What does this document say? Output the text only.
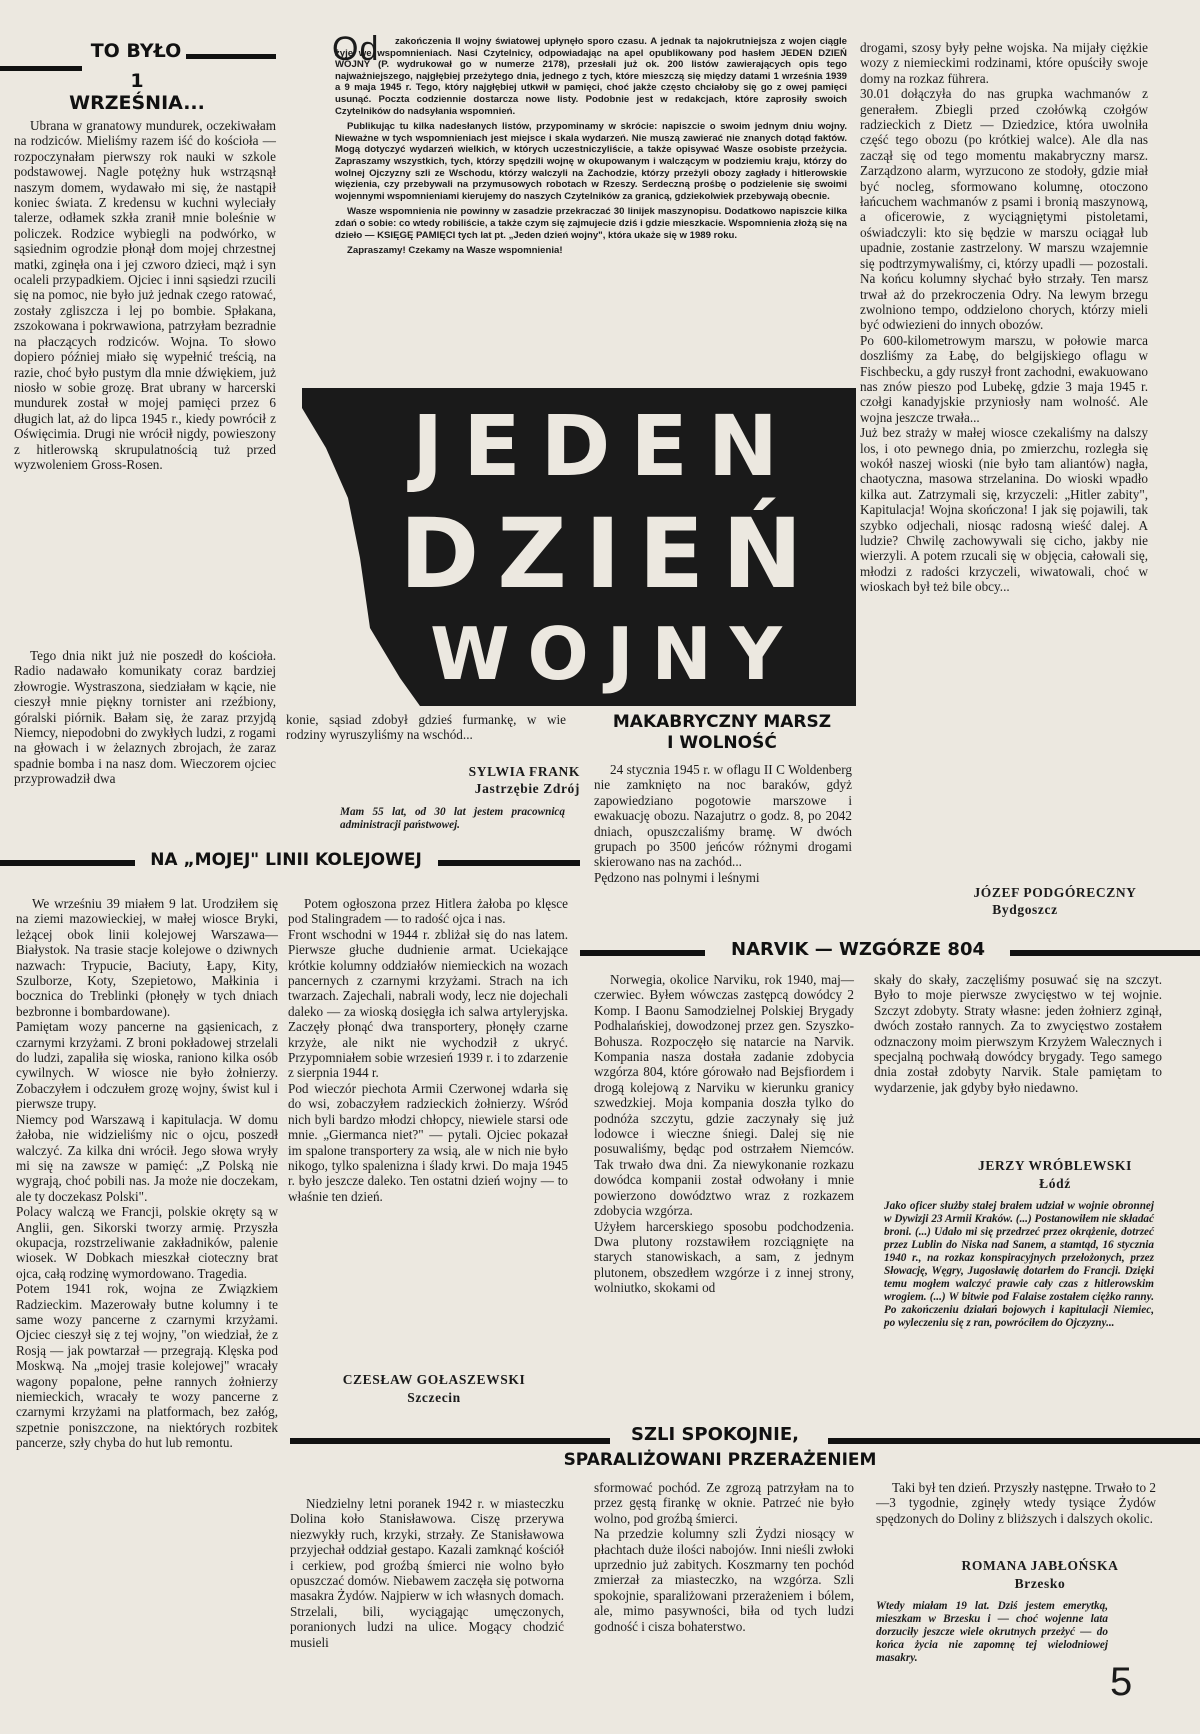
TO BYŁO
1 WRZEŚNIA...

Ubrana w granatowy mundurek, oczekiwałam na rodziców. Mieliśmy razem iść do kościoła — rozpoczynałam pierwszy rok nauki w szkole podstawowej. Nagle potężny huk wstrząsnął naszym domem, wydawało mi się, że nastąpił koniec świata. Z kredensu w kuchni wyleciały talerze, odłamek szkła zranił mnie boleśnie w policzek. Rodzice wybiegli na podwórko, w sąsiednim ogrodzie płonął dom mojej chrzestnej matki, zginęła ona i jej czworo dzieci, mąż i syn ocaleli przypadkiem. Ojciec i inni sąsiedzi rzucili się na pomoc, nie było już jednak czego ratować, zostały zgliszcza i lej po bombie. Spłakana, zszokowana i pokrwawiona, patrzyłam bezradnie na płaczących rodziców. Wojna. To słowo dopiero później miało się wypełnić treścią, na razie, choć było pustym dla mnie dźwiękiem, już niosło w sobie grozę. Brat ubrany w harcerski mundurek został w mojej pamięci przez 6 długich lat, aż do lipca 1945 r., kiedy powrócił z Oświęcimia. Drugi nie wrócił nigdy, powieszony z hitlerowską skrupulatnością tuż przed wyzwoleniem Gross-Rosen.

Tego dnia nikt już nie poszedł do kościoła. Radio nadawało komunikaty coraz bardziej złowrogie. Wystraszona, siedziałam w kącie, nie cieszył mnie piękny tornister ani rzeźbiony, góralski piórnik. Bałam się, że zaraz przyjdą Niemcy, niepodobni do zwykłych ludzi, z rogami na głowach i w żelaznych zbrojach, że zaraz spadnie bomba i na nasz dom. Wieczorem ojciec przyprowadził dwa

konie, sąsiad zdobył gdzieś furmankę, w wie rodziny wyruszyliśmy na wschód...

SYLWIA FRANK
Jastrzębie Zdrój
Mam 55 lat, od 30 lat jestem pracownicą administracji państwowej.
Od	zakończenia II wojny światowej upłynęło sporo czasu. A jednak ta najokrutniejsza z wojen ciągle żyje we wspomnieniach. Nasi Czytelnicy, odpowiadając na apel opublikowany pod hasłem JEDEN DZIEŃ WOJNY (P. wydrukował go w numerze 2178), przesłali już ok. 200 listów zawierających opis tego najważniejszego, najgłębiej przeżytego dnia, jednego z tych, które mieszczą się między datami 1 września 1939 a 9 maja 1945 r. Tego, który najgłębiej utkwił w pamięci, choć jakże często chciałoby się go z owej pamięci usunąć. Poczta codziennie dostarcza nowe listy. Podobnie jest w redakcjach, które zaprosiły swoich Czytelników do nadsyłania wspomnień.

Publikując tu kilka nadesłanych listów, przypominamy w skrócie: napiszcie o swoim jednym dniu wojny. Nieważne w tych wspomnieniach jest miejsce i skala wydarzeń. Nie muszą zawierać nie znanych dotąd faktów. Mogą dotyczyć wydarzeń wielkich, w których uczestniczyliście, a także opisywać Wasze osobiste przeżycia. Zapraszamy wszystkich, tych, którzy spędzili wojnę w okupowanym i walczącym w podziemiu kraju, którzy do wolnej Ojczyzny szli ze Wschodu, którzy walczyli na Zachodzie, którzy przeżyli obozy zagłady i hitlerowskie więzienia, czy przebywali na przymusowych robotach w Rzeszy. Serdeczną prośbę o podzielenie się swoimi wojennymi wspomnieniami kierujemy do naszych Czytelników za granicą, gdziekolwiek przebywają obecnie.

Wasze wspomnienia nie powinny w zasadzie przekraczać 30 linijek maszynopisu. Dodatkowo napiszcie kilka zdań o sobie: co wtedy robiliście, a także czym się zajmujecie dziś i gdzie mieszkacie. Wspomnienia złożą się na dzieło — KSIĘGĘ PAMIĘCI tych lat pt. „Jeden dzień wojny", która ukaże się w 1989 roku.

Zapraszamy! Czekamy na Wasze wspomnienia!

JEDEN
DZIEŃ
WOJNY

drogami, szosy były pełne wojska. Na mijały ciężkie wozy z niemieckimi rodzinami, które opuściły swoje domy na rozkaz führera.
30.01 dołączyła do nas grupka wachmanów z generałem. Zbiegli przed czołówką czołgów radzieckich z Dietz — Dziedzice, która uwolniła część tego obozu (po krótkiej walce). Ale dla nas zaczął się od tego momentu makabryczny marsz. Zarządzono alarm, wyrzucono ze stodoły, gdzie miał być nocleg, sformowano kolumnę, otoczono łańcuchem wachmanów z psami i bronią maszynową, a oficerowie, z wyciągniętymi pistoletami, oświadczyli: kto się będzie w marszu ociągał lub upadnie, zostanie zastrzelony. W marszu wzajemnie się podtrzymywaliśmy, ci, którzy upadli — pozostali. Na końcu kolumny słychać było strzały. Ten marsz trwał aż do przekroczenia Odry. Na lewym brzegu zwolniono tempo, oddzielono chorych, którzy mieli być odwiezieni do innych obozów.
Po 600-kilometrowym marszu, w połowie marca doszliśmy za Łabę, do belgijskiego oflagu w Fischbecku, a gdy ruszył front zachodni, ewakuowano nas znów pieszo pod Lubekę, gdzie 3 maja 1945 r. czołgi kanadyjskie przyniosły nam wolność. Ale wojna jeszcze trwała...
Już bez straży w małej wiosce czekaliśmy na dalszy los, i oto pewnego dnia, po zmierzchu, rozległa się wokół naszej wioski (nie było tam aliantów) nagła, chaotyczna, masowa strzelanina. Do wioski wpadło kilka aut. Zatrzymali się, krzyczeli: „Hitler zabity", Kapitulacja! Wojna skończona! I jak się pojawili, tak szybko odjechali, niosąc radosną wieść dalej. A ludzie? Chwilę zachowywali się cicho, jakby nie wierzyli. A potem rzucali się w objęcia, całowali się, młodzi z radości krzyczeli, wiwatowali, choć w wioskach był też bile obcy...

JÓZEF PODGÓRECZNY
Bydgoszcz
MAKABRYCZNY MARSZ
I WOLNOŚĆ

24 stycznia 1945 r. w oflagu II C Woldenberg nie zamknięto na noc baraków, gdyż zapowiedziano pogotowie marszowe i ewakuację obozu. Nazajutrz o godz. 8, po 2042 dniach, opuszczaliśmy bramę. W dwóch grupach po 3500 jeńców różnymi drogami skierowano nas na zachód...
Pędzono nas polnymi i leśnymi

NA „MOJEJ" LINII KOLEJOWEJ

We wrześniu 39 miałem 9 lat. Urodziłem się na ziemi mazowieckiej, w małej wiosce Bryki, leżącej obok linii kolejowej Warszawa—Białystok. Na trasie stacje kolejowe o dziwnych nazwach: Trypucie, Baciuty, Łapy, Kity, Szulborze, Koty, Szepietowo, Małkinia i bocznica do Treblinki (płonęły w tych dniach bezbronne i bombardowane).
Pamiętam wozy pancerne na gąsienicach, z czarnymi krzyżami. Z broni pokładowej strzelali do ludzi, zapaliła się wioska, raniono kilka osób cywilnych. W wiosce nie było żołnierzy. Zobaczyłem i odczułem grozę wojny, świst kul i pierwsze trupy.
Niemcy pod Warszawą i kapitulacja. W domu żałoba, nie widzieliśmy nic o ojcu, poszedł walczyć. Za kilka dni wrócił. Jego słowa wryły mi się na zawsze w pamięć: „Z Polską nie wygrają, choć pobili nas. Ja może nie doczekam, ale ty doczekasz Polski".
Polacy walczą we Francji, polskie okręty są w Anglii, gen. Sikorski tworzy armię. Przyszła okupacja, rozstrzeliwanie zakładników, palenie wiosek. W Dobkach mieszkał cioteczny brat ojca, całą rodzinę wymordowano. Tragedia.
Potem 1941 rok, wojna ze Związkiem Radzieckim. Mazerowały butne kolumny i te same wozy pancerne z czarnymi krzyżami. Ojciec cieszył się z tej wojny, "on wiedział, że z Rosją — jak powtarzał — przegrają. Klęska pod Moskwą. Na „mojej trasie kolejowej" wracały wagony popalone, pełne rannych żołnierzy niemieckich, wracały te wozy pancerne z czarnymi krzyżami na platformach, bez załóg, szpetnie poniszczone, na niektórych rozbitek pancerze, szły chyba do hut lub remontu.

Potem ogłoszona przez Hitlera żałoba po klęsce pod Stalingradem — to radość ojca i nas.
Front wschodni w 1944 r. zbliżał się do nas latem. Pierwsze głuche dudnienie armat. Uciekające krótkie kolumny oddziałów niemieckich na wozach pancernych z czarnymi krzyżami. Strach na ich twarzach. Zajechali, nabrali wody, lecz nie dojechali daleko — za wioską dosięgła ich salwa artyleryjska. Zaczęły płonąć dwa transportery, płonęły czarne krzyże, ale nikt nie wychodził z ukryć. Przypomniałem sobie wrzesień 1939 r. i to zdarzenie z sierpnia 1944 r.
Pod wieczór piechota Armii Czerwonej wdarła się do wsi, zobaczyłem radzieckich żołnierzy. Wśród nich byli bardzo młodzi chłopcy, niewiele starsi ode mnie. „Giermanca niet?" — pytali. Ojciec pokazał im spalone transportery za wsią, ale w nich nie było nikogo, tylko spalenizna i ślady krwi. Do maja 1945 r. było jeszcze daleko. Ten ostatni dzień wojny — to właśnie ten dzień.

CZESŁAW GOŁASZEWSKI
Szczecin
NARVIK — WZGÓRZE 804

Norwegia, okolice Narviku, rok 1940, maj—czerwiec. Byłem wówczas zastępcą dowódcy 2 Komp. I Baonu Samodzielnej Polskiej Brygady Podhalańskiej, dowodzonej przez gen. Szyszko-Bohusza. Rozpoczęło się natarcie na Narvik. Kompania nasza dostała zadanie zdobycia wzgórza 804, które górowało nad Bejsfiordem i drogą kolejową z Narviku w kierunku granicy szwedzkiej. Moja kompania doszła tylko do podnóża szczytu, gdzie zaczynały się już lodowce i wieczne śniegi. Dalej się nie posuwaliśmy, będąc pod ostrzałem Niemców. Tak trwało dwa dni. Za niewykonanie rozkazu dowódca kompanii został odwołany i mnie powierzono dowództwo wraz z rozkazem zdobycia wzgórza.
Użyłem harcerskiego sposobu podchodzenia. Dwa plutony rozstawiłem rozciągnięte na starych stanowiskach, a sam, z jednym plutonem, obszedłem wzgórze i z innej strony, wolniutko, skokami od

skały do skały, zaczęliśmy posuwać się na szczyt. Było to moje pierwsze zwycięstwo w tej wojnie. Szczyt zdobyty. Straty własne: jeden żołnierz zginął, dwóch zostało rannych. Za to zwycięstwo zostałem odznaczony moim pierwszym Krzyżem Walecznych i specjalną pochwałą dowódcy brygady. Tego samego dnia został zdobyty Narvik. Stale pamiętam to wydarzenie, jak gdyby było niedawno.

JERZY WRÓBLEWSKI
Łódź
Jako oficer służby stałej brałem udział w wojnie obronnej w Dywizji 23 Armii Kraków. (...) Postanowiłem nie składać broni. (...) Udało mi się przedrzeć przez okrążenie, dotrzeć przez Lublin do Niska nad Sanem, a stamtąd, 16 stycznia 1940 r., na rozkaz konspiracyjnych przełożonych, przez Słowację, Węgry, Jugosławię dotarłem do Francji. Dzięki temu mogłem walczyć prawie cały czas z hitlerowskim wrogiem. (...) W bitwie pod Falaise zostałem ciężko ranny. Po zakończeniu działań bojowych i kapitulacji Niemiec, po wyleczeniu się z ran, powróciłem do Ojczyzny...
SZLI SPOKOJNIE,
SPARALIŻOWANI PRZERAŻENIEM

Niedzielny letni poranek 1942 r. w miasteczku Dolina koło Stanisławowa. Ciszę przerywa niezwykły ruch, krzyki, strzały. Ze Stanisławowa przyjechał oddział gestapo. Kazali zamknąć kościół i cerkiew, pod groźbą śmierci nie wolno było opuszczać domów. Niebawem zaczęła się potworna masakra Żydów. Najpierw w ich własnych domach. Strzelali, bili, wyciągając umęczonych, poranionych ludzi na ulice. Mogący chodzić musieli

sformować pochód. Ze zgrozą patrzyłam na to przez gęstą firankę w oknie. Patrzeć nie było wolno, pod groźbą śmierci.
Na przedzie kolumny szli Żydzi niosący w płachtach duże ilości nabojów. Inni nieśli zwłoki uprzednio już zabitych. Koszmarny ten pochód zmierzał za miasteczko, na wzgórza. Szli spokojnie, sparaliżowani przerażeniem i bólem, ale, mimo pasywności, biła od tych ludzi godność i cisza bohaterstwo.

Taki był ten dzień. Przyszły następne. Trwało to 2—3 tygodnie, zginęły wtedy tysiące Żydów spędzonych do Doliny z bliższych i dalszych okolic.

ROMANA JABŁOŃSKA
Brzesko
Wtedy miałam 19 lat. Dziś jestem emerytką, mieszkam w Brzesku i — choć wojenne lata dorzuciły jeszcze wiele okrutnych przeżyć — do końca życia nie zapomnę tej wielodniowej masakry.
5
